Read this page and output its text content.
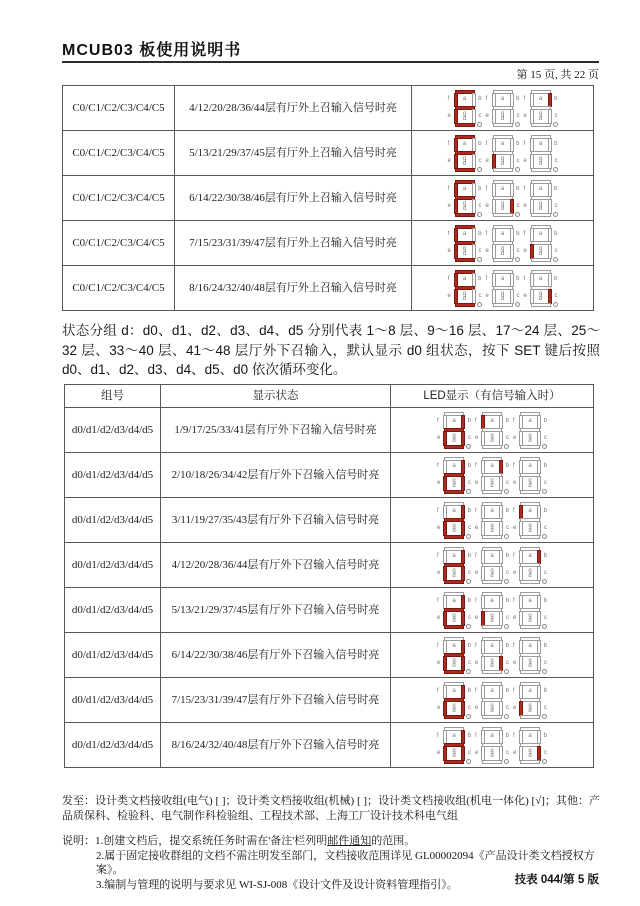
MCUB03 板使用说明书
第 15 页, 共 22 页
C0/C1/C2/C3/C4/C5	4/12/20/28/36/44层有厅外上召输入信号时亮
a b
c
d
e
f
g
a b
c
d
e
f
g
a b
c
d
e
f
g
C0/C1/C2/C3/C4/C5	5/13/21/29/37/45层有厅外上召输入信号时亮
a b
c
d
e
f
g
a b
c
d
e
f
g
a b
c
d
e
f
g
C0/C1/C2/C3/C4/C5	6/14/22/30/38/46层有厅外上召输入信号时亮
a b
c
d
e
f
g
a b
c
d
e
f
g
a b
c
d
e
f
g
C0/C1/C2/C3/C4/C5	7/15/23/31/39/47层有厅外上召输入信号时亮
a b
c
d
e
f
g
a b
c
d
e
f
g
a b
c
d
e
f
g
C0/C1/C2/C3/C4/C5	8/16/24/32/40/48层有厅外上召输入信号时亮
a b
c
d
e
f
g
a b
c
d
e
f
g
a b
c
d
e
f
g
状态分组 d：d0、d1、d2、d3、d4、d5 分别代表 1～8 层、9～16 层、17～24 层、25～32 层、33～40 层、41～48 层厅外下召输入，默认显示 d0 组状态，按下 SET 键后按照 d0、d1、d2、d3、d4、d5、d0 依次循环变化。
组号	显示状态	LED显示（有信号输入时）
d0/d1/d2/d3/d4/d5	1/9/17/25/33/41层有厅外下召输入信号时亮
a b
c
d
e
f
g
a b
c
d
e
f
g
a b
c
d
e
f
g
d0/d1/d2/d3/d4/d5	2/10/18/26/34/42层有厅外下召输入信号时亮
a b
c
d
e
f
g
a b
c
d
e
f
g
a b
c
d
e
f
g
d0/d1/d2/d3/d4/d5	3/11/19/27/35/43层有厅外下召输入信号时亮
a b
c
d
e
f
g
a b
c
d
e
f
g
a b
c
d
e
f
g
d0/d1/d2/d3/d4/d5	4/12/20/28/36/44层有厅外下召输入信号时亮
a b
c
d
e
f
g
a b
c
d
e
f
g
a b
c
d
e
f
g
d0/d1/d2/d3/d4/d5	5/13/21/29/37/45层有厅外下召输入信号时亮
a b
c
d
e
f
g
a b
c
d
e
f
g
a b
c
d
e
f
g
d0/d1/d2/d3/d4/d5	6/14/22/30/38/46层有厅外下召输入信号时亮
a b
c
d
e
f
g
a b
c
d
e
f
g
a b
c
d
e
f
g
d0/d1/d2/d3/d4/d5	7/15/23/31/39/47层有厅外下召输入信号时亮
a b
c
d
e
f
g
a b
c
d
e
f
g
a b
c
d
e
f
g
d0/d1/d2/d3/d4/d5	8/16/24/32/40/48层有厅外下召输入信号时亮
a b
c
d
e
f
g
a b
c
d
e
f
g
a b
c
d
e
f
g
发至：设计类文档接收组(电气) [ ]；设计类文档接收组(机械) [ ]；设计类文档接收组(机电一体化) [√]；其他：产品质保科、检验科、电气制作科检验组、工程技术部、上海工厂设计技术科电气组
说明：1.创建文档后，提交系统任务时需在'备注'栏列明邮件通知的范围。
2.属于固定接收群组的文档不需注明发至部门，文档接收范围详见 GL00002094《产品设计类文档授权方案》。
3.编制与管理的说明与要求见 WI-SJ-008《设计文件及设计资料管理指引》。	技表 044/第 5 版
